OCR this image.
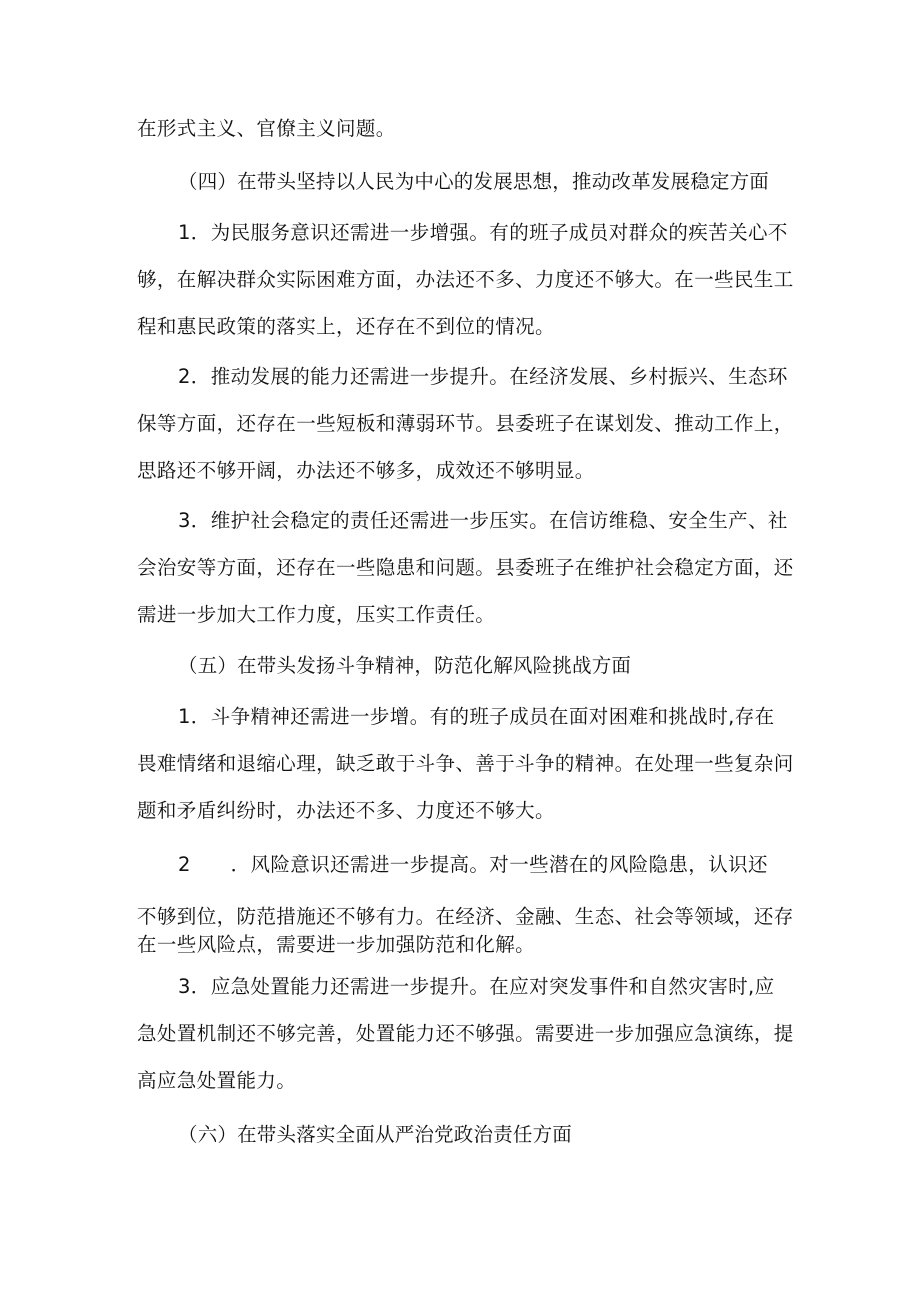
在形式主义、官僚主义问题。
（四）在带头坚持以人民为中心的发展思想，推动改革发展稳定方面
1．为民服务意识还需进一步增强。有的班子成员对群众的疾苦关心不
够，在解决群众实际困难方面，办法还不多、力度还不够大。在一些民生工
程和惠民政策的落实上，还存在不到位的情况。
2．推动发展的能力还需进一步提升。在经济发展、乡村振兴、生态环
保等方面，还存在一些短板和薄弱环节。县委班子在谋划发、推动工作上，
思路还不够开阔，办法还不够多，成效还不够明显。
3．维护社会稳定的责任还需进一步压实。在信访维稳、安全生产、社
会治安等方面，还存在一些隐患和问题。县委班子在维护社会稳定方面，还
需进一步加大工作力度，压实工作责任。
（五）在带头发扬斗争精神，防范化解风险挑战方面
1．斗争精神还需进一步增。有的班子成员在面对困难和挑战时,存在
畏难情绪和退缩心理，缺乏敢于斗争、善于斗争的精神。在处理一些复杂问
题和矛盾纠纷时，办法还不多、力度还不够大。
2　　．风险意识还需进一步提高。对一些潜在的风险隐患，认识还
不够到位，防范措施还不够有力。在经济、金融、生态、社会等领域，还存
在一些风险点，需要进一步加强防范和化解。
3．应急处置能力还需进一步提升。在应对突发事件和自然灾害时,应
急处置机制还不够完善，处置能力还不够强。需要进一步加强应急演练，提
高应急处置能力。
（六）在带头落实全面从严治党政治责任方面
